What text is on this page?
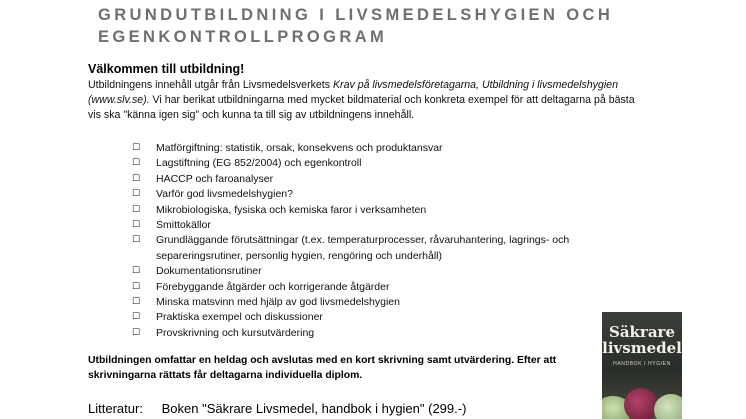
GRUNDUTBILDNING I LIVSMEDELSHYGIEN OCH
EGENKONTROLLPROGRAM
Välkommen till utbildning!
Utbildningens innehåll utgår från Livsmedelsverkets Krav på livsmedelsföretagarna, Utbildning i livsmedelshygien (www.slv.se). Vi har berikat utbildningarna med mycket bildmaterial och konkreta exempel för att deltagarna på bästa vis ska "känna igen sig" och kunna ta till sig av utbildningens innehåll.
☐	Matförgiftning: statistik, orsak, konsekvens och produktansvar
☐	Lagstiftning (EG 852/2004) och egenkontroll
☐	HACCP och faroanalyser
☐	Varför god livsmedelshygien?
☐	Mikrobiologiska, fysiska och kemiska faror i verksamheten
☐	Smittokällor
☐	Grundläggande förutsättningar (t.ex. temperaturprocesser, råvaruhantering, lagrings- och separeringsrutiner, personlig hygien, rengöring och underhåll)
☐	Dokumentationsrutiner
☐	Förebyggande åtgärder och korrigerande åtgärder
☐	Minska matsvinn med hjälp av god livsmedelshygien
☐	Praktiska exempel och diskussioner
☐	Provskrivning och kursutvärdering
Utbildningen omfattar en heldag och avslutas med en kort skrivning samt utvärdering. Efter att skrivningarna rättats får deltagarna individuella diplom.
Litteratur: Boken "Säkrare Livsmedel, handbok i hygien" (299.-)
Säkrare
livsmedel
HANDBOK I HYGIEN
